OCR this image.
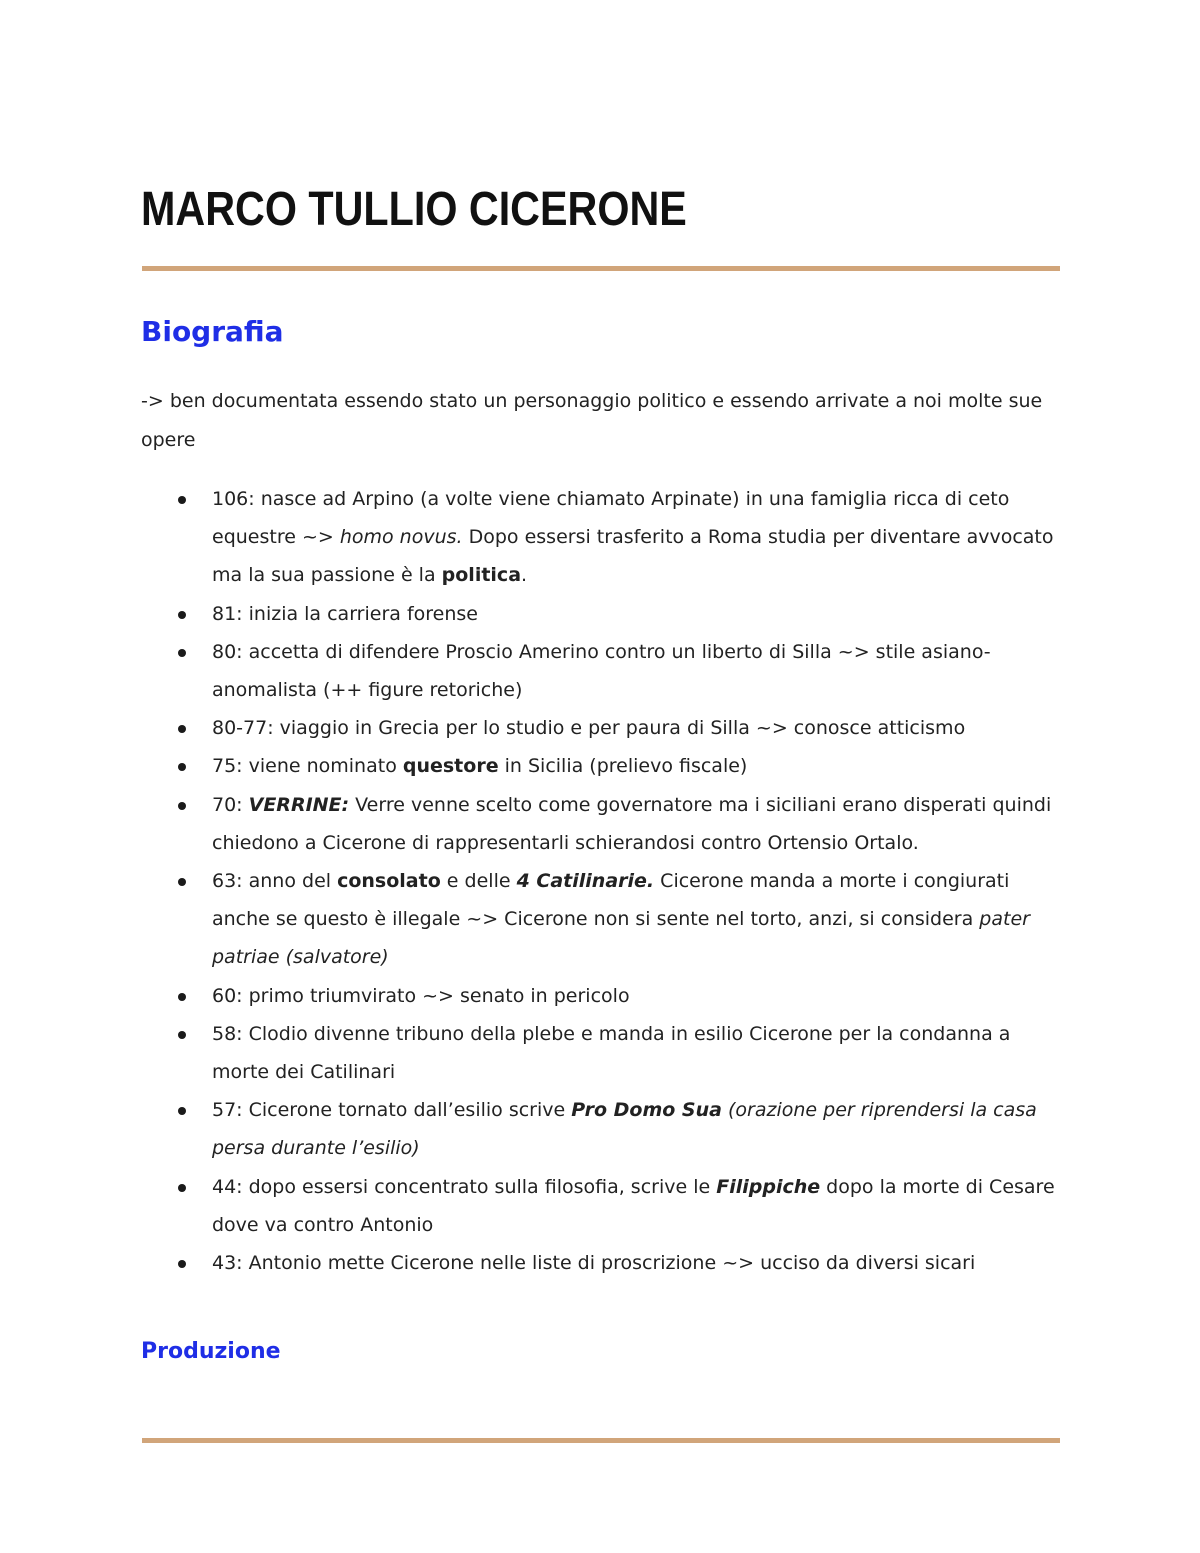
MARCO TULLIO CICERONE
Biografia

-> ben documentata essendo stato un personaggio politico e essendo arrivate a noi molte sue opere

106: nasce ad Arpino (a volte viene chiamato Arpinate) in una famiglia ricca di ceto equestre ~> homo novus. Dopo essersi trasferito a Roma studia per diventare avvocato ma la sua passione è la politica.
81: inizia la carriera forense
80: accetta di difendere Proscio Amerino contro un liberto di Silla ~> stile asiano-anomalista (++ figure retoriche)
80-77: viaggio in Grecia per lo studio e per paura di Silla ~> conosce atticismo
75: viene nominato questore in Sicilia (prelievo fiscale)
70: VERRINE: Verre venne scelto come governatore ma i siciliani erano disperati quindi chiedono a Cicerone di rappresentarli schierandosi contro Ortensio Ortalo.
63: anno del consolato e delle 4 Catilinarie. Cicerone manda a morte i congiurati anche se questo è illegale ~> Cicerone non si sente nel torto, anzi, si considera pater patriae (salvatore)
60: primo triumvirato ~> senato in pericolo
58: Clodio divenne tribuno della plebe e manda in esilio Cicerone per la condanna a morte dei Catilinari
57: Cicerone tornato dall’esilio scrive Pro Domo Sua (orazione per riprendersi la casa persa durante l’esilio)
44: dopo essersi concentrato sulla filosofia, scrive le Filippiche dopo la morte di Cesare dove va contro Antonio
43: Antonio mette Cicerone nelle liste di proscrizione ~> ucciso da diversi sicari
Produzione
